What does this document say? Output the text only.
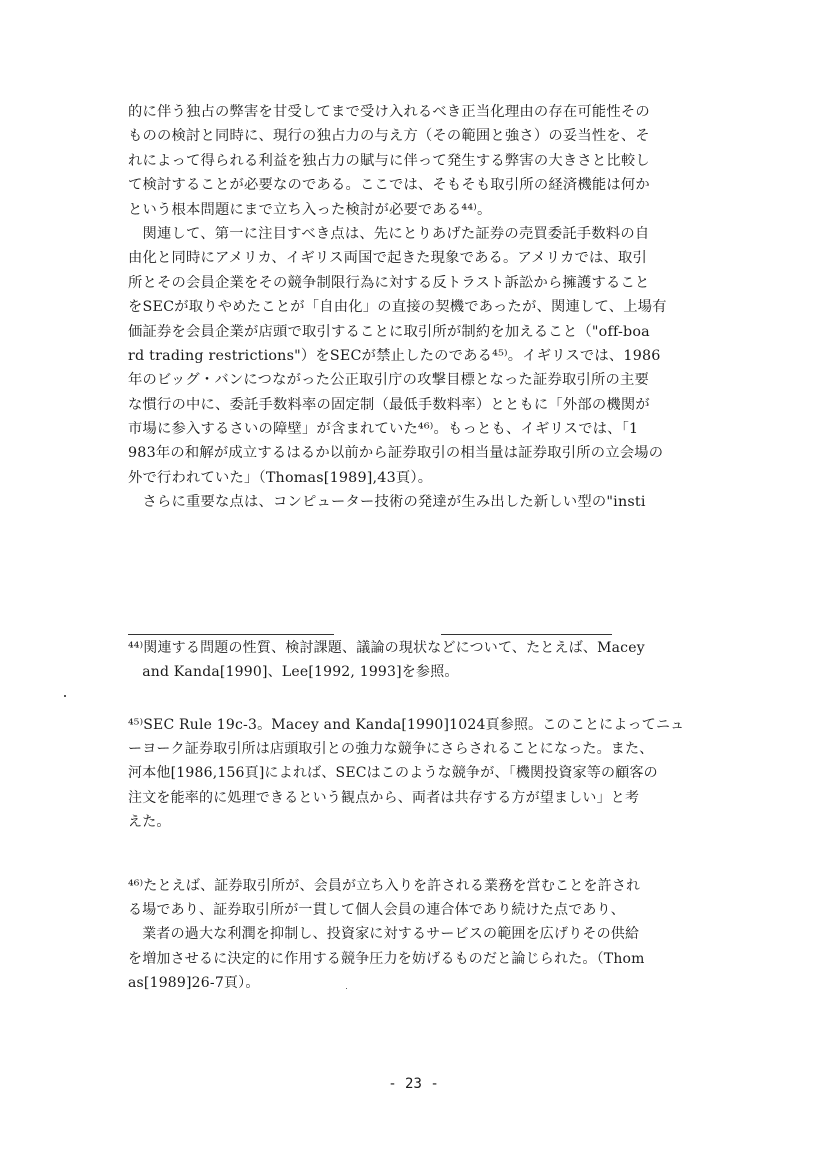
的に伴う独占の弊害を甘受してまで受け入れるべき正当化理由の存在可能性その
ものの検討と同時に、現行の独占力の与え方（その範囲と強さ）の妥当性を、そ
れによって得られる利益を独占力の賦与に伴って発生する弊害の大きさと比較し
て検討することが必要なのである。ここでは、そもそも取引所の経済機能は何か
という根本問題にまで立ち入った検討が必要である⁴⁴⁾。
　関連して、第一に注目すべき点は、先にとりあげた証券の売買委託手数料の自
由化と同時にアメリカ、イギリス両国で起きた現象である。アメリカでは、取引
所とその会員企業をその競争制限行為に対する反トラスト訴訟から擁護すること
をSECが取りやめたことが「自由化」の直接の契機であったが、関連して、上場有
価証券を会員企業が店頭で取引することに取引所が制約を加えること（"off-boa
rd trading restrictions"）をSECが禁止したのである⁴⁵⁾。イギリスでは、1986
年のビッグ・バンにつながった公正取引庁の攻撃目標となった証券取引所の主要
な慣行の中に、委託手数料率の固定制（最低手数料率）とともに「外部の機関が
市場に参入するさいの障壁」が含まれていた⁴⁶⁾。もっとも、イギリスでは、「1
983年の和解が成立するはるか以前から証券取引の相当量は証券取引所の立会場の
外で行われていた」（Thomas[1989],43頁）。
　さらに重要な点は、コンピューター技術の発達が生み出した新しい型の"insti
⁴⁴⁾関連する問題の性質、検討課題、議論の現状などについて、たとえば、Macey
　and Kanda[1990]、Lee[1992, 1993]を参照。
⁴⁵⁾SEC Rule 19c-3。Macey and Kanda[1990]1024頁参照。このことによってニュ
ーヨーク証券取引所は店頭取引との強力な競争にさらされることになった。また、
河本他[1986,156頁]によれば、SECはこのような競争が、「機関投資家等の顧客の
注文を能率的に処理できるという観点から、両者は共存する方が望ましい」と考
えた。
⁴⁶⁾たとえば、証券取引所が、会員が立ち入りを許される業務を営むことを許され
る場であり、証券取引所が一貫して個人会員の連合体であり続けた点であり、
　業者の過大な利潤を抑制し、投資家に対するサービスの範囲を広げりその供給
を増加させるに決定的に作用する競争圧力を妨げるものだと論じられた。（Thom
as[1989]26-7頁）。
- 23 -
